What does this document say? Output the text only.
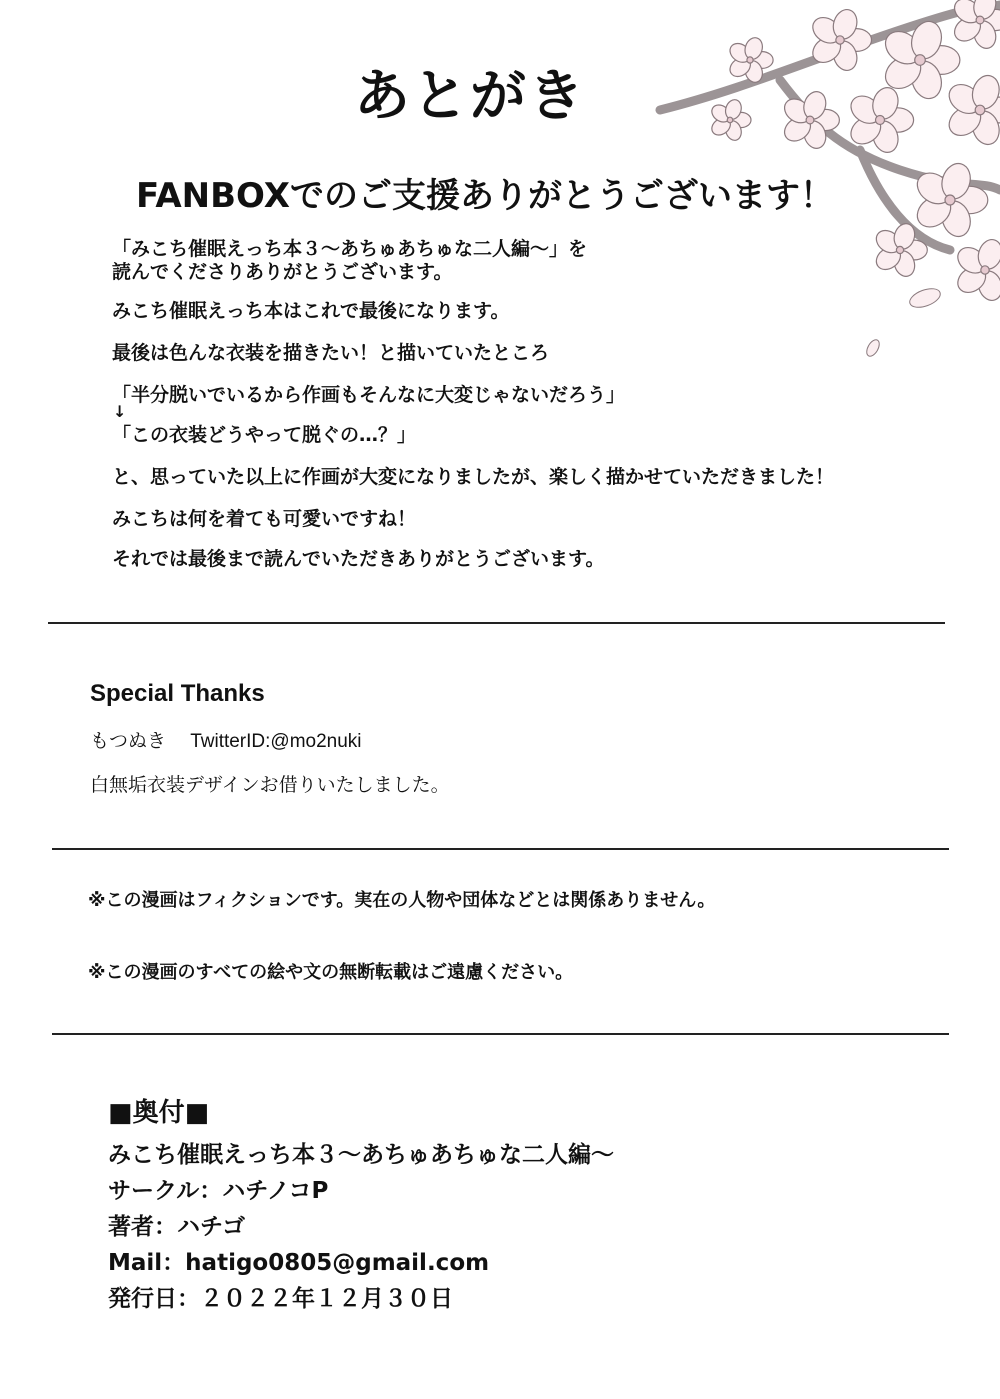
あとがき
FANBOXでのご支援ありがとうございます！

「みこち催眠えっち本３～あちゅあちゅな二人編～」を

読んでくださりありがとうございます。

みこち催眠えっち本はこれで最後になります。

最後は色んな衣装を描きたい！と描いていたところ

「半分脱いでいるから作画もそんなに大変じゃないだろう」

↓

「この衣装どうやって脱ぐの…？」

と、思っていた以上に作画が大変になりましたが、楽しく描かせていただきました！

みこちは何を着ても可愛いですね！

それでは最後まで読んでいただきありがとうございます。

Special Thanks

もつぬき TwitterID:@mo2nuki

白無垢衣装デザインお借りいたしました。

※この漫画はフィクションです。実在の人物や団体などとは関係ありません。

※この漫画のすべての絵や文の無断転載はご遠慮ください。

■奥付■

みこち催眠えっち本３～あちゅあちゅな二人編～

サークル：ハチノコP

著者：ハチゴ

Mail：hatigo0805@gmail.com

発行日：２０２２年１２月３０日
